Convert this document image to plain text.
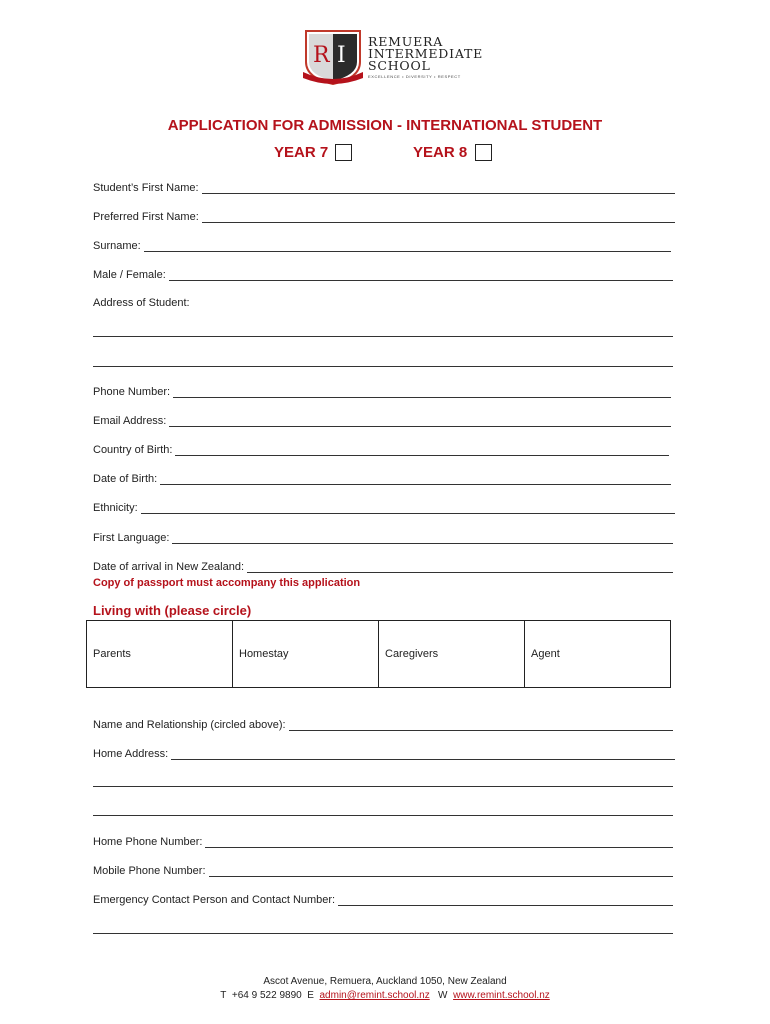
R I
REMUERA
INTERMEDIATE
SCHOOL
EXCELLENCE • DIVERSITY • RESPECT
APPLICATION FOR ADMISSION - INTERNATIONAL STUDENT
YEAR 7	YEAR 8
Student’s First Name:
Preferred First Name:
Surname:
Male / Female:
Address of Student:
Phone Number:
Email Address:
Country of Birth:
Date of Birth:
Ethnicity:
First Language:
Date of arrival in New Zealand:
Copy of passport must accompany this application
Living with (please circle)
Parents	Homestay	Caregivers	Agent
Name and Relationship (circled above):
Home Address:
Home Phone Number:
Mobile Phone Number:
Emergency Contact Person and Contact Number:
Ascot Avenue, Remuera, Auckland 1050, New Zealand
T +64 9 522 9890 E admin@remint.school.nz W www.remint.school.nz
